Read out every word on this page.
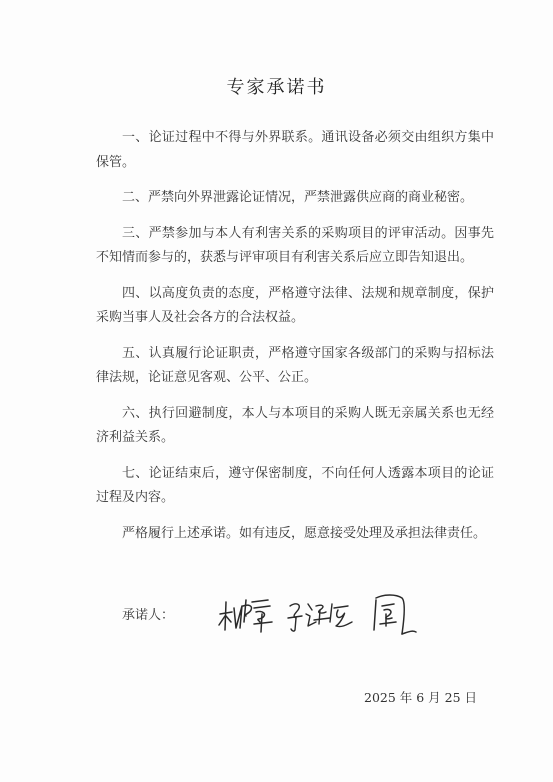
专家承诺书

一、论证过程中不得与外界联系。通讯设备必须交由组织方集中保管。

二、严禁向外界泄露论证情况，严禁泄露供应商的商业秘密。

三、严禁参加与本人有利害关系的采购项目的评审活动。因事先不知情而参与的，获悉与评审项目有利害关系后应立即告知退出。

四、以高度负责的态度，严格遵守法律、法规和规章制度，保护采购当事人及社会各方的合法权益。

五、认真履行论证职责，严格遵守国家各级部门的采购与招标法律法规，论证意见客观、公平、公正。

六、执行回避制度，本人与本项目的采购人既无亲属关系也无经济利益关系。

七、论证结束后，遵守保密制度，不向任何人透露本项目的论证过程及内容。

严格履行上述承诺。如有违反，愿意接受处理及承担法律责任。

承诺人：
2025 年 6 月 25 日
